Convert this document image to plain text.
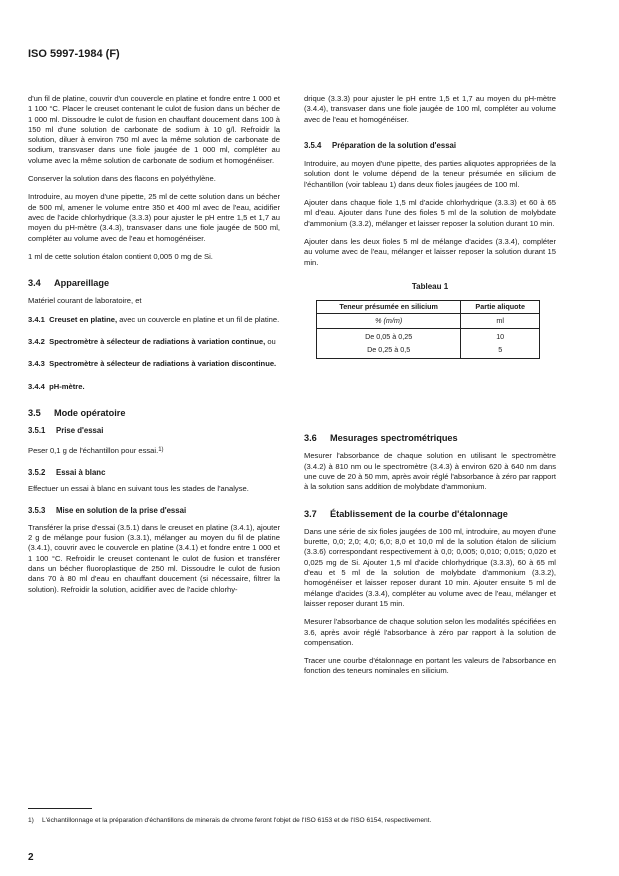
ISO 5997-1984 (F)

d'un fil de platine, couvrir d'un couvercle en platine et fondre entre 1 000 et 1 100 °C. Placer le creuset contenant le culot de fusion dans un bécher de 1 000 ml. Dissoudre le culot de fusion en chauffant doucement dans 100 à 150 ml d'une solution de carbonate de sodium à 10 g/l. Refroidir la solution, diluer à environ 750 ml avec la même solution de carbonate de sodium, transvaser dans une fiole jaugée de 1 000 ml, compléter au volume avec la même solution de carbonate de sodium et homogénéiser.

Conserver la solution dans des flacons en polyéthylène.

Introduire, au moyen d'une pipette, 25 ml de cette solution dans un bécher de 500 ml, amener le volume entre 350 et 400 ml avec de l'eau, acidifier avec de l'acide chlorhydrique (3.3.3) pour ajuster le pH entre 1,5 et 1,7 au moyen du pH-mètre (3.4.3), transvaser dans une fiole jaugée de 500 ml, compléter au volume avec de l'eau et homogénéiser.

1 ml de cette solution étalon contient 0,005 0 mg de Si.

3.4 Appareillage

Matériel courant de laboratoire, et

3.4.1 Creuset en platine, avec un couvercle en platine et un fil de platine.

3.4.2 Spectromètre à sélecteur de radiations à variation continue, ou

3.4.3 Spectromètre à sélecteur de radiations à variation discontinue.

3.4.4 pH-mètre.

3.5 Mode opératoire
3.5.1 Prise d'essai

Peser 0,1 g de l'échantillon pour essai.$^{1)}$

3.5.2 Essai à blanc

Effectuer un essai à blanc en suivant tous les stades de l'analyse.

3.5.3 Mise en solution de la prise d'essai

Transférer la prise d'essai (3.5.1) dans le creuset en platine (3.4.1), ajouter 2 g de mélange pour fusion (3.3.1), mélanger au moyen du fil de platine (3.4.1), couvrir avec le couvercle en platine (3.4.1) et fondre entre 1 000 et 1 100 °C. Refroidir le creuset contenant le culot de fusion et transférer dans un bécher fluoroplastique de 250 ml. Dissoudre le culot de fusion dans 70 à 80 ml d'eau en chauffant doucement (si nécessaire, filtrer la solution). Refroidir la solution, acidifier avec de l'acide chlorhy-

drique (3.3.3) pour ajuster le pH entre 1,5 et 1,7 au moyen du pH-mètre (3.4.4), transvaser dans une fiole jaugée de 100 ml, compléter au volume avec de l'eau et homogénéiser.

3.5.4 Préparation de la solution d'essai

Introduire, au moyen d'une pipette, des parties aliquotes appropriées de la solution dont le volume dépend de la teneur présumée en silicium de l'échantillon (voir tableau 1) dans deux fioles jaugées de 100 ml.

Ajouter dans chaque fiole 1,5 ml d'acide chlorhydrique (3.3.3) et 60 à 65 ml d'eau. Ajouter dans l'une des fioles 5 ml de la solution de molybdate d'ammonium (3.3.2), mélanger et laisser reposer la solution durant 10 min.

Ajouter dans les deux fioles 5 ml de mélange d'acides (3.3.4), compléter au volume avec de l'eau, mélanger et laisser reposer la solution durant 15 min.

Tableau 1
Teneur présumée en silicium	Partie aliquote
% (m/m)	ml
De 0,05 à 0,25	10
De 0,25 à 0,5	5
3.6 Mesurages spectrométriques

Mesurer l'absorbance de chaque solution en utilisant le spectromètre (3.4.2) à 810 nm ou le spectromètre (3.4.3) à environ 620 à 640 nm dans une cuve de 20 à 50 mm, après avoir réglé l'absorbance à zéro par rapport à la solution sans addition de molybdate d'ammonium.

3.7 Établissement de la courbe d'étalonnage

Dans une série de six fioles jaugées de 100 ml, introduire, au moyen d'une burette, 0,0; 2,0; 4,0; 6,0; 8,0 et 10,0 ml de la solution étalon de silicium (3.3.6) correspondant respectivement à 0,0; 0,005; 0,010; 0,015; 0,020 et 0,025 mg de Si. Ajouter 1,5 ml d'acide chlorhydrique (3.3.3), 60 à 65 ml d'eau et 5 ml de la solution de molybdate d'ammonium (3.3.2), homogénéiser et laisser reposer durant 10 min. Ajouter ensuite 5 ml de mélange d'acides (3.3.4), compléter au volume avec de l'eau, mélanger et laisser reposer durant 15 min.

Mesurer l'absorbance de chaque solution selon les modalités spécifiées en 3.6, après avoir réglé l'absorbance à zéro par rapport à la solution de compensation.

Tracer une courbe d'étalonnage en portant les valeurs de l'absorbance en fonction des teneurs nominales en silicium.

1) L'échantillonnage et la préparation d'échantillons de minerais de chrome feront l'objet de l'ISO 6153 et de l'ISO 6154, respectivement.
2
